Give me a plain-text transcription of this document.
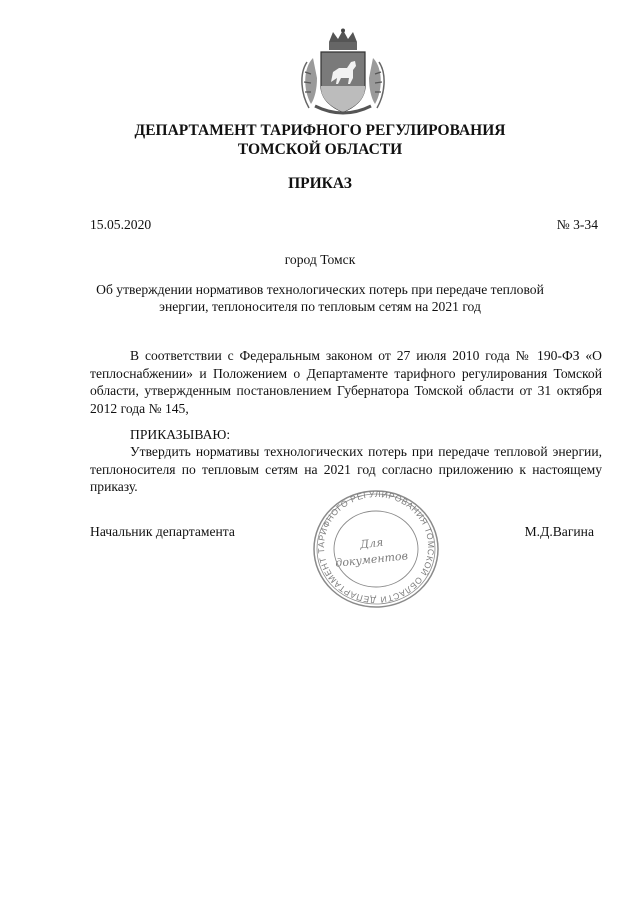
ДЕПАРТАМЕНТ ТАРИФНОГО РЕГУЛИРОВАНИЯ
ТОМСКОЙ ОБЛАСТИ
ПРИКАЗ
15.05.2020	№ 3-34
город Томск
Об утверждении нормативов технологических потерь при передаче тепловой
энергии, теплоносителя по тепловым сетям на 2021 год

В соответствии с Федеральным законом от 27 июля 2010 года № 190-ФЗ «О теплоснабжении» и Положением о Департаменте тарифного регулирования Томской области, утвержденным постановлением Губернатора Томской области от 31 октября 2012 года № 145,

ПРИКАЗЫВАЮ:

Утвердить нормативы технологических потерь при передаче тепловой энергии, теплоносителя по тепловым сетям на 2021 год согласно приложению к настоящему приказу.

Начальник департамента	М.Д.Вагина
ДЕПАРТАМЕНТ ТАРИФНОГО РЕГУЛИРОВАНИЯ ТОМСКОЙ ОБЛАСТИ
Для
документов
